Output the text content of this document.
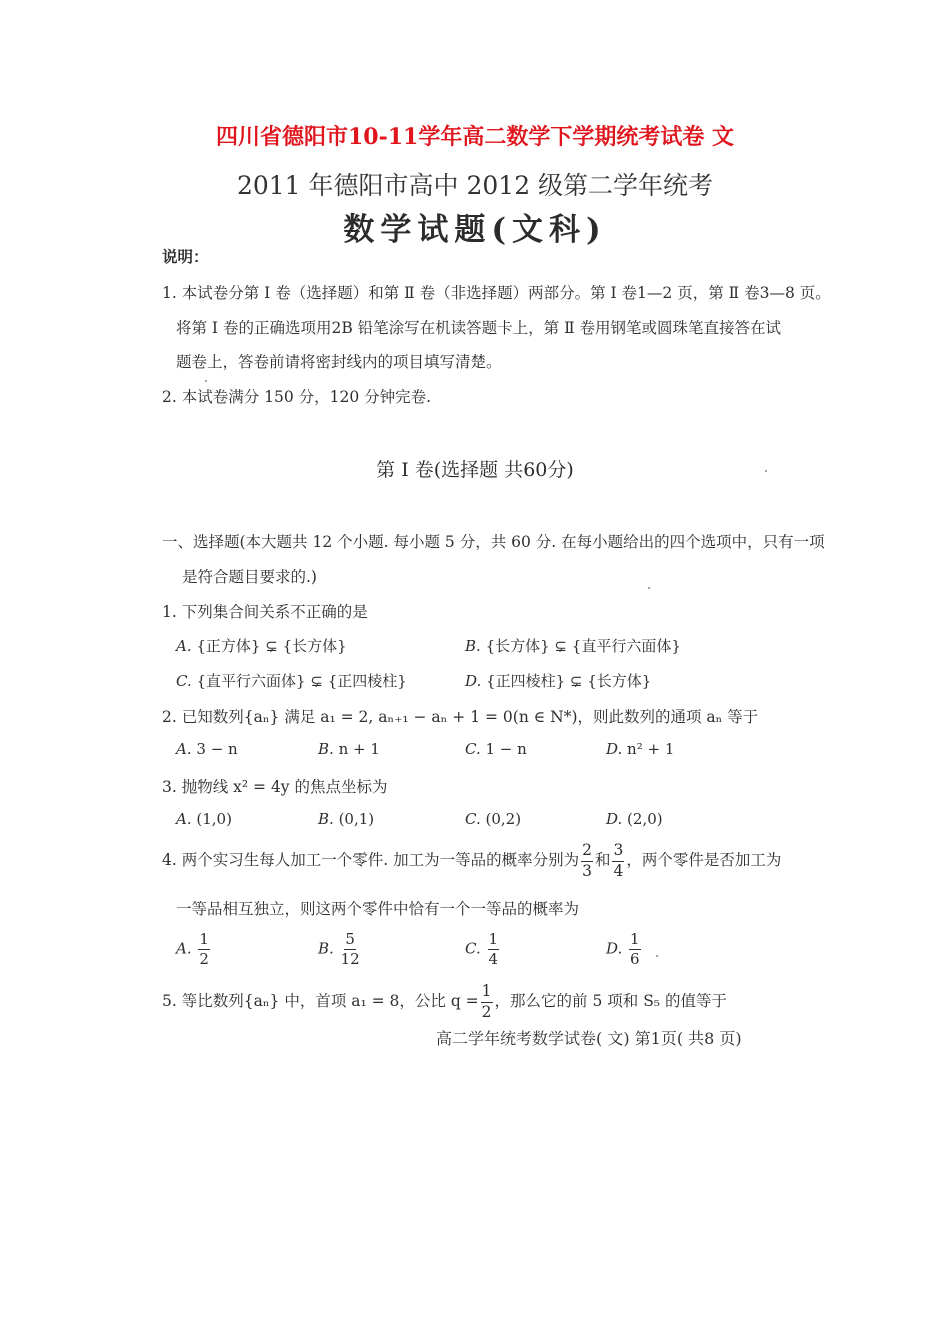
四川省德阳市10-11学年高二数学下学期统考试卷 文
2011 年德阳市高中 2012 级第二学年统考
数学试题(文科)
说明：
1. 本试卷分第 Ⅰ 卷（选择题）和第 Ⅱ 卷（非选择题）两部分。第 Ⅰ 卷1—2 页，第 Ⅱ 卷3—8 页。
将第 Ⅰ 卷的正确选项用2B 铅笔涂写在机读答题卡上，第 Ⅱ 卷用钢笔或圆珠笔直接答在试
题卷上，答卷前请将密封线内的项目填写清楚。
2. 本试卷满分 150 分，120 分钟完卷.
第 Ⅰ 卷(选择题 共60分)
一、选择题(本大题共 12 个小题. 每小题 5 分，共 60 分. 在每小题给出的四个选项中，只有一项
是符合题目要求的.)
1. 下列集合间关系不正确的是
A. {正方体} ⊊ {长方体}	B. {长方体} ⊊ {直平行六面体}
C. {直平行六面体} ⊊ {正四棱柱}	D. {正四棱柱} ⊊ {长方体}
2. 已知数列{aₙ} 满足 a₁ = 2, aₙ₊₁ − aₙ + 1 = 0(n ∈ N*)，则此数列的通项 aₙ 等于
A. 3 − n	B. n + 1	C. 1 − n	D. n² + 1
3. 抛物线 x² = 4y 的焦点坐标为
A. (1,0)	B. (0,1)	C. (0,2)	D. (2,0)
4. 两个实习生每人加工一个零件. 加工为一等品的概率分别为 $\frac{2}{3}$ 和 $\frac{3}{4}$ ，两个零件是否加工为
一等品相互独立，则这两个零件中恰有一个一等品的概率为
A. $\frac{1}{2}$	B. $\frac{5}{12}$	C. $\frac{1}{4}$	D. $\frac{1}{6}$
5. 等比数列{aₙ} 中，首项 a₁ = 8，公比 $q = \frac{1}{2}$ ，那么它的前 5 项和 S₅ 的值等于
高二学年统考数学试卷( 文) 第1页( 共8 页)
